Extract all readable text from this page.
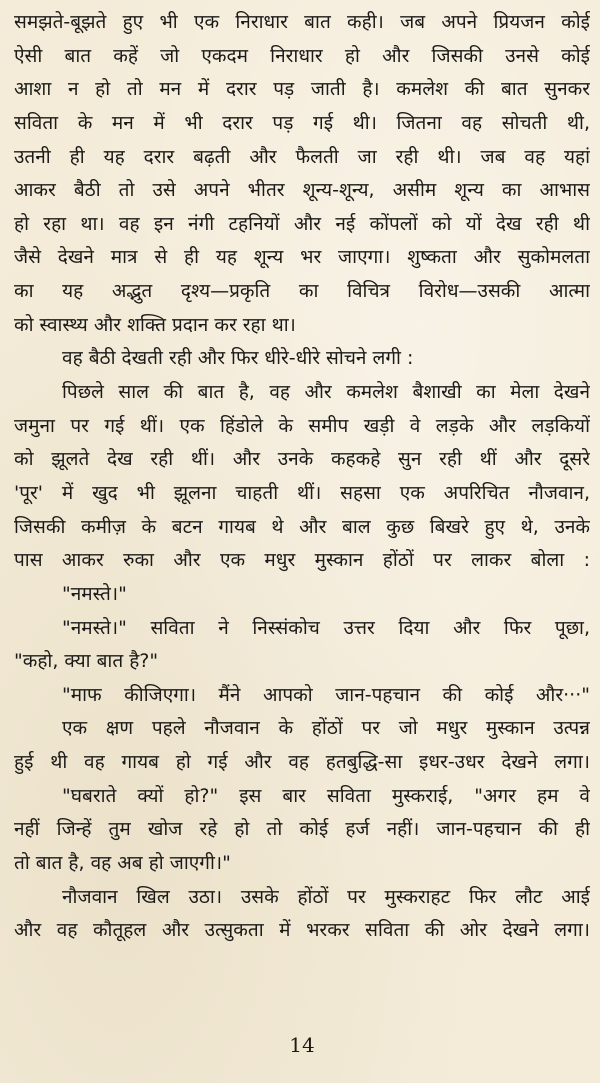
समझते-बूझते हुए भी एक निराधार बात कही। जब अपने प्रियजन कोई
ऐसी बात कहें जो एकदम निराधार हो और जिसकी उनसे कोई
आशा न हो तो मन में दरार पड़ जाती है। कमलेश की बात सुनकर
सविता के मन में भी दरार पड़ गई थी। जितना वह सोचती थी,
उतनी ही यह दरार बढ़ती और फैलती जा रही थी। जब वह यहां
आकर बैठी तो उसे अपने भीतर शून्य-शून्य, असीम शून्य का आभास
हो रहा था। वह इन नंगी टहनियों और नई कोंपलों को यों देख रही थी
जैसे देखने मात्र से ही यह शून्य भर जाएगा। शुष्कता और सुकोमलता
का यह अद्भुत दृश्य—प्रकृति का विचित्र विरोध—उसकी आत्मा
को स्वास्थ्य और शक्ति प्रदान कर रहा था।
वह बैठी देखती रही और फिर धीरे-धीरे सोचने लगी :
पिछले साल की बात है, वह और कमलेश बैशाखी का मेला देखने
जमुना पर गई थीं। एक हिंडोले के समीप खड़ी वे लड़के और लड़कियों
को झूलते देख रही थीं। और उनके कहकहे सुन रही थीं और दूसरे
'पूर' में खुद भी झूलना चाहती थीं। सहसा एक अपरिचित नौजवान,
जिसकी कमीज़ के बटन गायब थे और बाल कुछ बिखरे हुए थे, उनके
पास आकर रुका और एक मधुर मुस्कान होंठों पर लाकर बोला :
"नमस्ते।"
"नमस्ते।" सविता ने निस्संकोच उत्तर दिया और फिर पूछा,
"कहो, क्या बात है?"
"माफ कीजिएगा। मैंने आपको जान-पहचान की कोई और···"
एक क्षण पहले नौजवान के होंठों पर जो मधुर मुस्कान उत्पन्न
हुई थी वह गायब हो गई और वह हतबुद्धि-सा इधर-उधर देखने लगा।
"घबराते क्यों हो?" इस बार सविता मुस्कराई, "अगर हम वे
नहीं जिन्हें तुम खोज रहे हो तो कोई हर्ज नहीं। जान-पहचान की ही
तो बात है, वह अब हो जाएगी।"
नौजवान खिल उठा। उसके होंठों पर मुस्कराहट फिर लौट आई
और वह कौतूहल और उत्सुकता में भरकर सविता की ओर देखने लगा।
14
